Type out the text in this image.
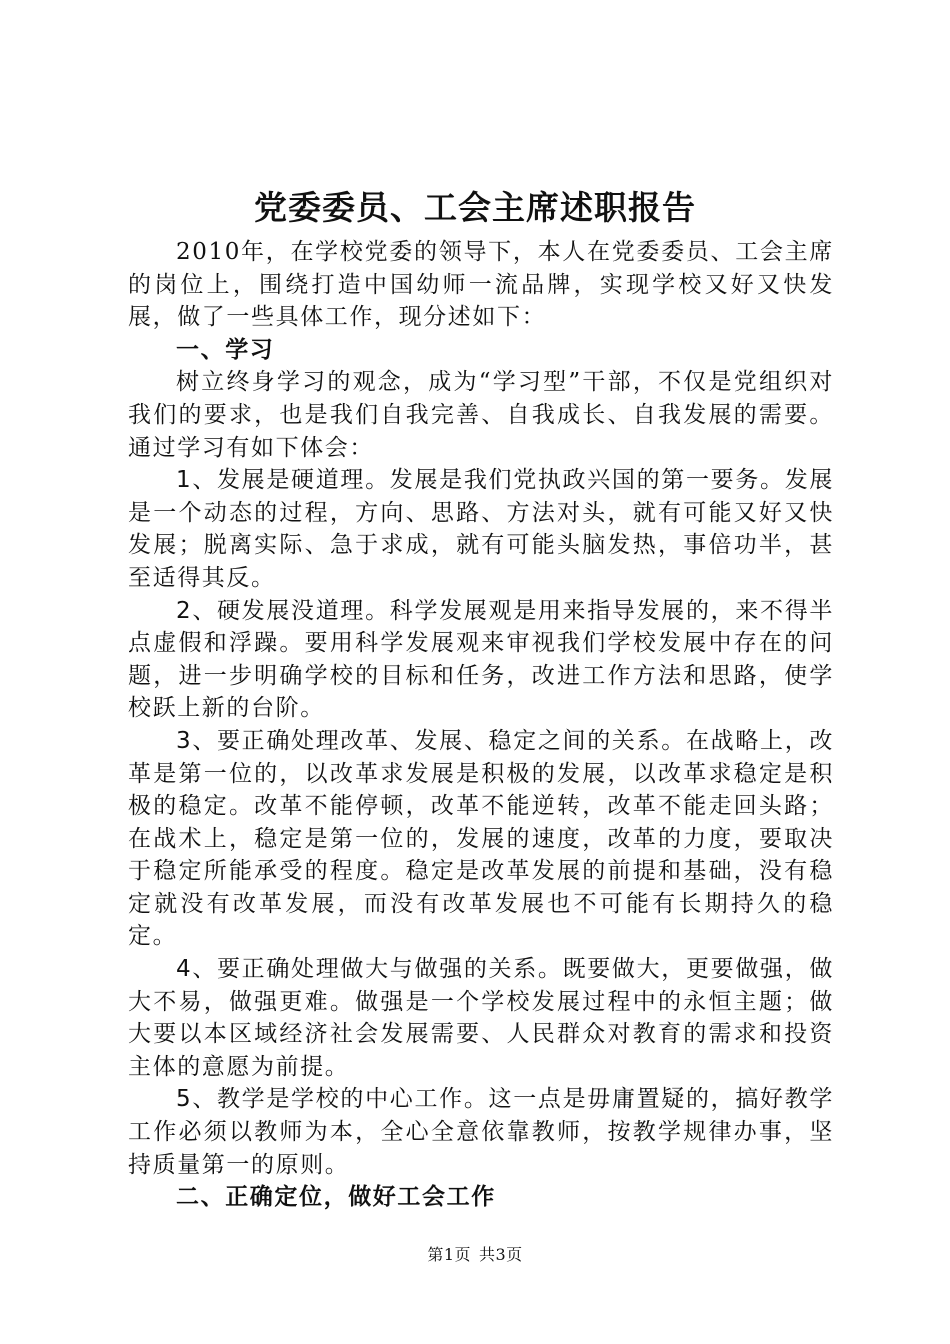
党委委员、工会主席述职报告

2010年，在学校党委的领导下，本人在党委委员、工会主席的岗位上，围绕打造中国幼师一流品牌，实现学校又好又快发展，做了一些具体工作，现分述如下：

一、学习

树立终身学习的观念，成为“学习型”干部，不仅是党组织对我们的要求，也是我们自我完善、自我成长、自我发展的需要。通过学习有如下体会：

1、发展是硬道理。发展是我们党执政兴国的第一要务。发展是一个动态的过程，方向、思路、方法对头，就有可能又好又快发展；脱离实际、急于求成，就有可能头脑发热，事倍功半，甚至适得其反。

2、硬发展没道理。科学发展观是用来指导发展的，来不得半点虚假和浮躁。要用科学发展观来审视我们学校发展中存在的问题，进一步明确学校的目标和任务，改进工作方法和思路，使学校跃上新的台阶。

3、要正确处理改革、发展、稳定之间的关系。在战略上，改革是第一位的，以改革求发展是积极的发展，以改革求稳定是积极的稳定。改革不能停顿，改革不能逆转，改革不能走回头路；在战术上，稳定是第一位的，发展的速度，改革的力度，要取决于稳定所能承受的程度。稳定是改革发展的前提和基础，没有稳定就没有改革发展，而没有改革发展也不可能有长期持久的稳定。

4、要正确处理做大与做强的关系。既要做大，更要做强，做大不易，做强更难。做强是一个学校发展过程中的永恒主题；做大要以本区域经济社会发展需要、人民群众对教育的需求和投资主体的意愿为前提。

5、教学是学校的中心工作。这一点是毋庸置疑的，搞好教学工作必须以教师为本，全心全意依靠教师，按教学规律办事，坚持质量第一的原则。

二、正确定位，做好工会工作

第1页 共3页
